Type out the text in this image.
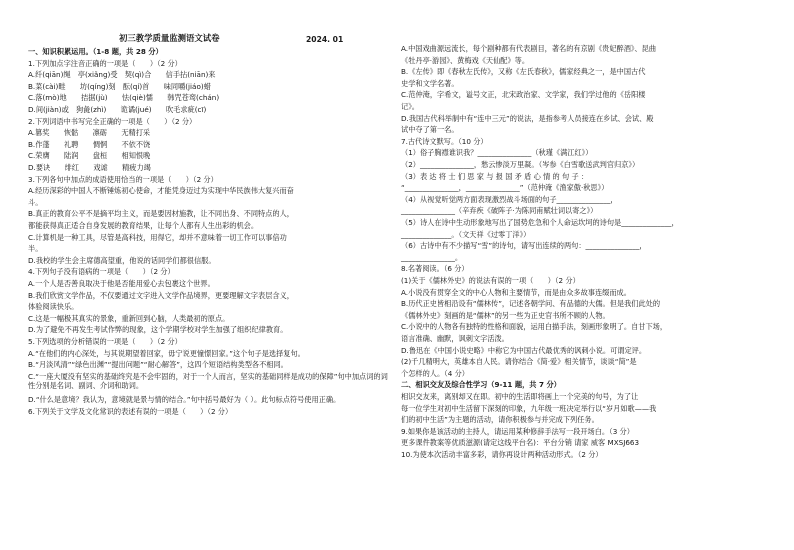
初三教学质量监测语文试卷	2024. 01
一、知识积累运用。（1-8 题，共 28 分）
1.下列加点字注音正确的一项是（　　）（2 分）
A.纤(qiān)绳　亭(xiǎng)受　契(qì)合　　信手拈(niān)来
B.菜(cài)畦　　坊(qíng)刻　酝(qí)首　　味同嚼(jiáo)蜡
C.落(mò)地　　拮据(jù)　　怯(qiè)懦　　韩咒苍鸾(chán)
D.间(jiàn)或　狗彘(zhì)　　诡谲(jué)　　吹毛求疵(cī)
2.下列词语中书写完全正确的一项是（　　）（2 分）
A.篡奖　　恢骷　　凛砺　　无精打采
B.作蓬　　礼聘　　惆惘　　不依不饶
C.荣膺　　陆润　　盘桓　　相知恨晚
D.要诀　　绯红　　戏谑　　精疲力竭
3.下列各句中加点的成语使用恰当的一项是（　　）（2 分）
A.经历深彩的中国人不断锤炼初心使命，才能凭身迈过为实现中华民族伟大复兴而奋
斗。
B.真正的教育公平不是摘平均主义，而是要因材施教，让不同出身、不同特点的人，
都能获得真正适合自身发展的教育结果，让每个人都有人生出彩的机会。
C.计算机是一种工具，尽管是高科技，用得它，却并不意味着一切工作可以事倍功
半。
D.我校的学生会主席德高望重，他说的话同学们都很信服。
4.下列句子没有语病的一项是（　　）（2 分）
A.一个人是否善良取决于他是否能用爱心去包裹这个世界。
B.我们欣赏文学作品，不仅要通过文字进入文学作品境界，更要理解文字表层含义，
体验阅读快乐。
C.这是一幅极其真实的景象，重新回到心脑，人类最初的原点。
D.为了避免不再发生考试作弊的现象，这个学期学校对学生加强了组织纪律教育。
5.下列选项的分析错误的一项是（　　）（2 分）
A.“在他们的内心深处，与其说期望着回家，毋宁说更憧憬回家。”这个句子是选择复句。
B.“月淡风清”“绿色出渊”“提出问题”“耐心解答”，这四个短语结构类型各不相同。
C.“一座大厦没有坚实的基础终究是不会牢固的，对于一个人而言，坚实的基础同样是成功的保障”句中加点词的词性分别是名词、副词、介词和助词。
D.“什么是意境？我认为，意境就是景与情的结合。”句中括号最好为（ ）。此句标点符号使用正确。
6.下列关于文学及文化常识的表述有误的一项是（　　）（2 分）
A.中国戏曲源远流长，每个剧种都有代表剧目，著名的有京剧《贵妃醉酒》、昆曲
《牡丹亭·游园》、黄梅戏《天仙配》等。
B.《左传》即《春秋左氏传》，又称《左氏春秋》，儒家经典之一，是中国古代
史学和文学名著。
C.范仲淹，字希文，谥号文正，北宋政治家、文学家，我们学过他的《岳阳楼
记》。
D.我国古代科举制中有“连中三元”的说法，是指参考人员接连在乡试、会试、殿
试中夺了第一名。
7.古代诗文默写。（10 分）
（1）俗子胸襟谁识我？_______________（秋瑾《满江红》）
（2）_______________，愁云惨淡万里凝。（岑参《白雪歌送武判官归京》）
（3）表 达 将 士 们 思 家 与 报 国 矛 盾 心 情 的 句 子 ：
“_______________，_______________”（范仲淹《渔家傲·秋思》）
（4）从视觉听觉两方面表现激烈战斗场面的句子_______________，
_______________（辛弃疾《破阵子·为陈同甫赋壮词以寄之》）
（5）诗人在诗中生动形象地写出了国势危急和个人命运坎坷的诗句是______________，
______________。（文天祥《过零丁洋》）
（6）古诗中有不少描写“雪”的诗句，请写出连续的两句：_______________，
_______________。
8.名著阅读。（6 分）
(1)关于《儒林外史》的说法有误的一项（　　）（2 分）
A.小说没有贯穿全文的中心人物和主要情节，而是由众多故事连缀而成。
B.历代正史皆相沿设有“儒林传”，记述各朝学问、有品德的大儒。但是我们此处的
《儒林外史》刻画的是“儒林”的另一些为正史官书所不顾的人物。
C.小说中的人物各有独特的性格和面貌，运用白描手法，刻画形象明了。自甘下场，
语言准确、幽默，讽刺文字活泼。
D.鲁迅在《中国小说史略》中称它为中国古代最优秀的讽刺小说。可谓定评。
(2)千几精明大，英雄本自人民。请你结合《简·爱》相关情节，谈谈“简”是
个怎样的人。（4 分）
二、相识交友及综合性学习（9-11 题，共 7 分）
相识交友来，离别却又在即。初中的生活即将画上一个完美的句号，为了让
每一位学生对初中生活留下深刻的印象，九年级一班决定举行以“岁月如歌——我
们的初中生活”为主题的活动，请你积极参与并完成下列任务。
9.如果你是该活动的主持人，请运用某种修辞手法写一段开场白。（3 分）
更多课件教案等优质滋源(请定这线平台名)：平台分销 请家 威客 MXSJ663
10.为使本次活动丰富多彩，请你再设计两种活动形式。（2 分）
